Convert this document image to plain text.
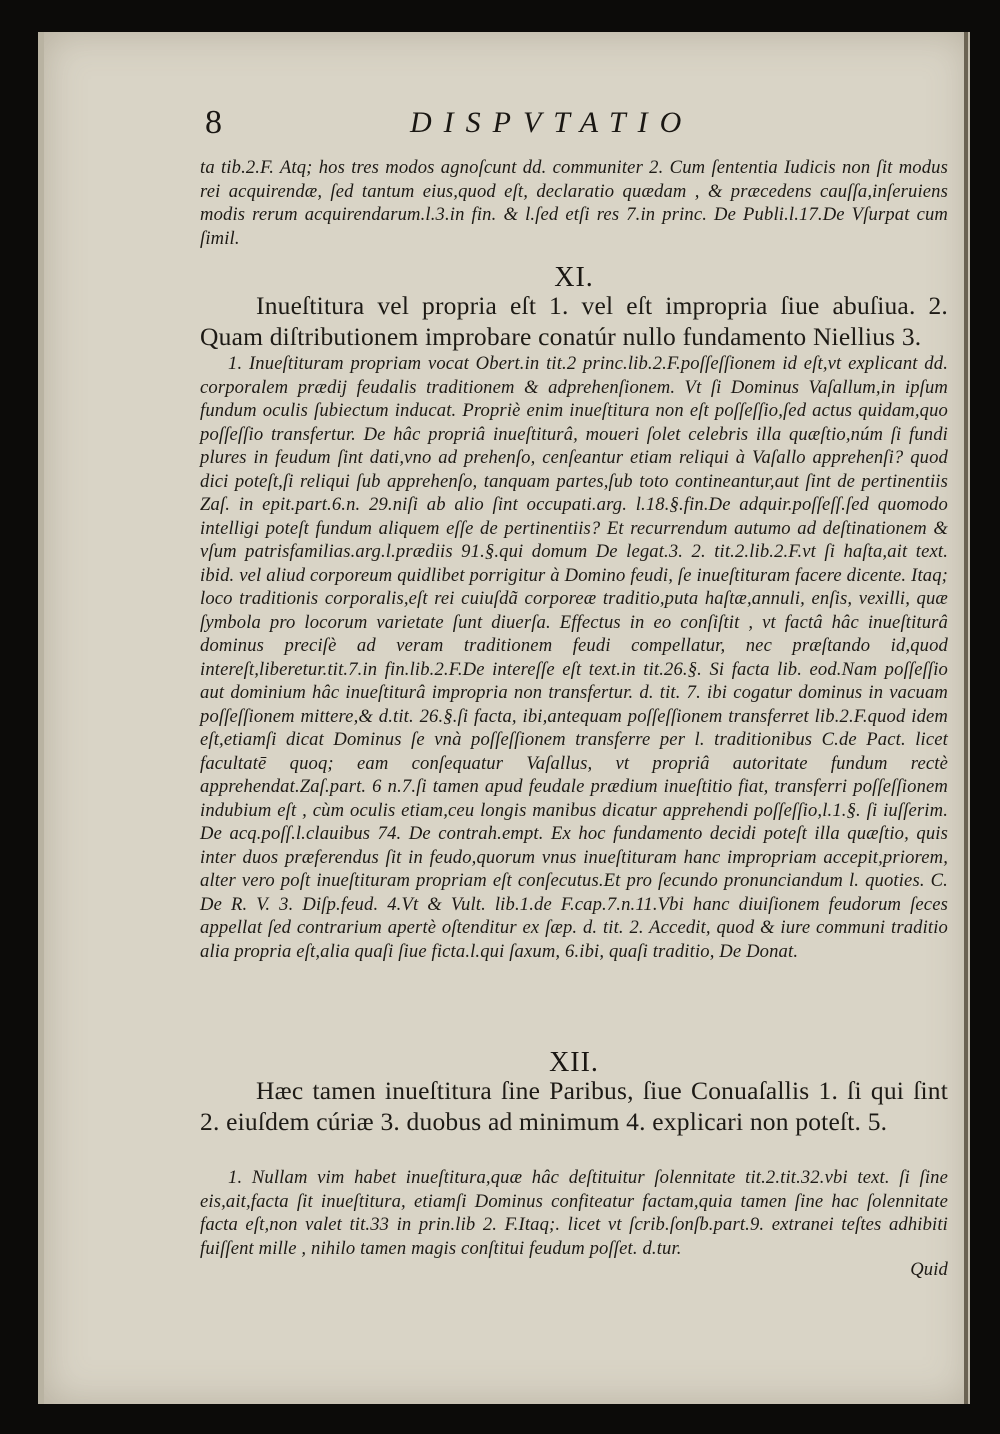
8	DISPVTATIO

ta tib.2.F. Atq; hos tres modos agnoſcunt dd. communiter 2. Cum ſententia Iudicis non ſit modus rei acquirendæ, ſed tantum eius,quod eſt, declaratio quædam , & præcedens cauſſa,inſeruiens modis rerum acquirendarum.l.3.in fin. & l.ſed etſi res 7.in princ. De Publi.l.17.De Vſurpat cum ſimil.

XI.
Inueſtitura vel propria eſt 1. vel eſt impropria ſiue abuſiua. 2. Quam diſtributionem improbare conatúr nullo fundamento Niellius 3.

1. Inueſtituram propriam vocat Obert.in tit.2 princ.lib.2.F.poſſeſſionem id eſt,vt explicant dd. corporalem prædij feudalis traditionem & adprehenſionem. Vt ſi Dominus Vaſallum,in ipſum fundum oculis ſubiectum inducat. Propriè enim inueſtitura non eſt poſſeſſio,ſed actus quidam,quo poſſeſſio transfertur. De hâc propriâ inueſtiturâ, moueri ſolet celebris illa quæſtio,núm ſi fundi plures in feudum ſint dati,vno ad prehenſo, cenſeantur etiam reliqui à Vaſallo apprehenſi? quod dici poteſt,ſi reliqui ſub apprehenſo, tanquam partes,ſub toto contineantur,aut ſint de pertinentiis Zaſ. in epit.part.6.n. 29.niſi ab alio ſint occupati.arg. l.18.§.fin.De adquir.poſſeſſ.ſed quomodo intelligi poteſt fundum aliquem eſſe de pertinentiis? Et recurrendum autumo ad deſtinationem & vſum patrisfamilias.arg.l.prædiis 91.§.qui domum De legat.3. 2. tit.2.lib.2.F.vt ſi haſta,ait text. ibid. vel aliud corporeum quidlibet porrigitur à Domino feudi, ſe inueſtituram facere dicente. Itaq; loco traditionis corporalis,eſt rei cuiuſdã corporeæ traditio,puta haſtæ,annuli, enſis, vexilli, quæ ſymbola pro locorum varietate ſunt diuerſa. Effectus in eo conſiſtit , vt factâ hâc inueſtiturâ dominus preciſè ad veram traditionem feudi compellatur, nec præſtando id,quod intereſt,liberetur.tit.7.in fin.lib.2.F.De intereſſe eſt text.in tit.26.§. Si facta lib. eod.Nam poſſeſſio aut dominium hâc inueſtiturâ impropria non transfertur. d. tit. 7. ibi cogatur dominus in vacuam poſſeſſionem mittere,& d.tit. 26.§.ſi facta, ibi,antequam poſſeſſionem transferret lib.2.F.quod idem eſt,etiamſi dicat Dominus ſe vnà poſſeſſionem transferre per l. traditionibus C.de Pact. licet facultatē quoq; eam conſequatur Vaſallus, vt propriâ autoritate fundum rectè apprehendat.Zaſ.part. 6 n.7.ſi tamen apud feudale prædium inueſtitio fiat, transferri poſſeſſionem indubium eſt , cùm oculis etiam,ceu longis manibus dicatur apprehendi poſſeſſio,l.1.§. ſi iuſſerim. De acq.poſſ.l.clauibus 74. De contrah.empt. Ex hoc fundamento decidi poteſt illa quæſtio, quis inter duos præferendus ſit in feudo,quorum vnus inueſtituram hanc impropriam accepit,priorem, alter vero poſt inueſtituram propriam eſt conſecutus.Et pro ſecundo pronunciandum l. quoties. C. De R. V. 3. Diſp.feud. 4.Vt & Vult. lib.1.de F.cap.7.n.11.Vbi hanc diuiſionem feudorum ſeces appellat ſed contrarium apertè oſtenditur ex ſæp. d. tit. 2. Accedit, quod & iure communi traditio alia propria eſt,alia quaſi ſiue ficta.l.qui ſaxum, 6.ibi, quaſi traditio, De Donat.

XII.
Hæc tamen inueſtitura ſine Paribus, ſiue Conuaſallis 1. ſi qui ſint 2. eiuſdem cúriæ 3. duobus ad minimum 4. explicari non poteſt. 5.

1. Nullam vim habet inueſtitura,quæ hâc deſtituitur ſolennitate tit.2.tit.32.vbi text. ſi ſine eis,ait,facta ſit inueſtitura, etiamſi Dominus confiteatur factam,quia tamen ſine hac ſolennitate facta eſt,non valet tit.33 in prin.lib 2. F.Itaq;. licet vt ſcrib.ſonſb.part.9. extranei teſtes adhibiti fuiſſent mille , nihilo tamen magis conſtitui feudum poſſet. d.tur.

Quid
